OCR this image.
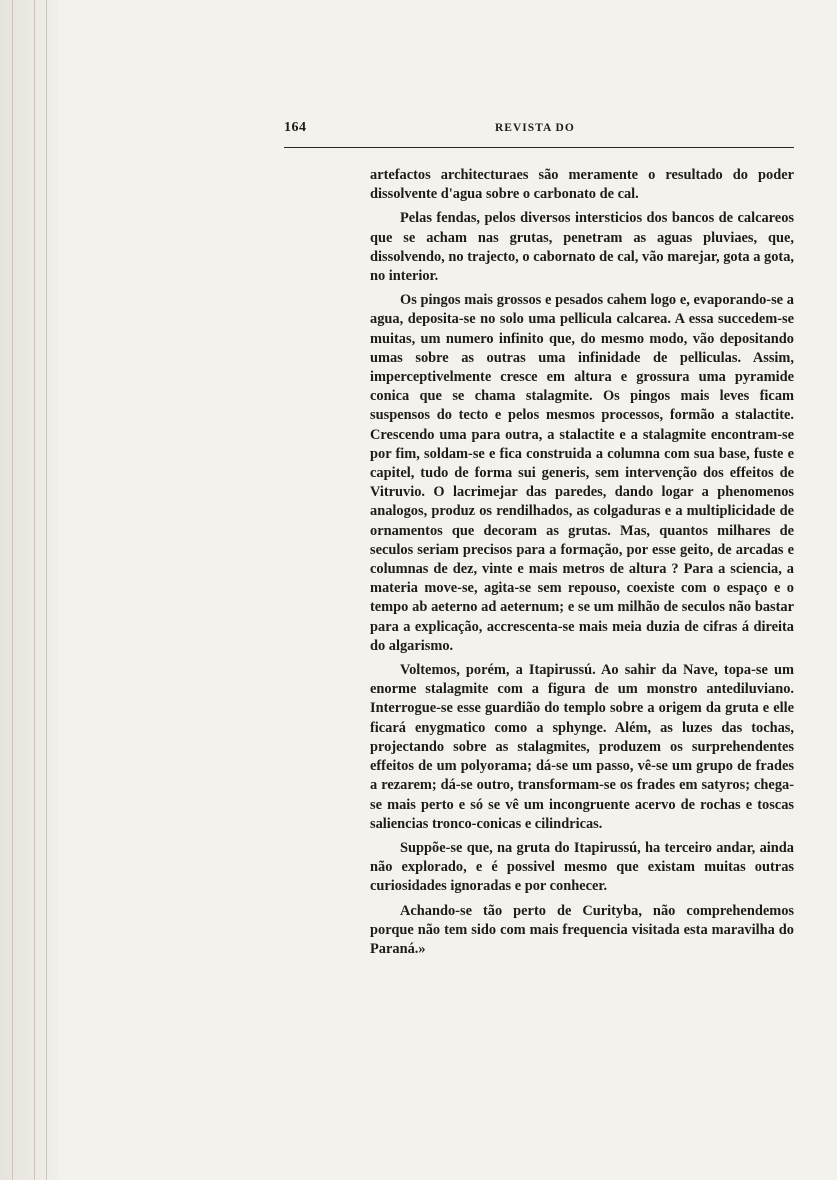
164	REVISTA DO

artefactos architecturaes são meramente o resultado do poder dissolvente d'agua sobre o carbonato de cal.

Pelas fendas, pelos diversos intersticios dos bancos de calcareos que se acham nas grutas, penetram as aguas pluviaes, que, dissolvendo, no trajecto, o cabornato de cal, vão marejar, gota a gota, no interior.

Os pingos mais grossos e pesados cahem logo e, evaporando-se a agua, deposita-se no solo uma pellicula calcarea. A essa succedem-se muitas, um numero infinito que, do mesmo modo, vão depositando umas sobre as outras uma infinidade de pelliculas. Assim, imperceptivelmente cresce em altura e grossura uma pyramide conica que se chama stalagmite. Os pingos mais leves ficam suspensos do tecto e pelos mesmos processos, formão a stalactite. Crescendo uma para outra, a stalactite e a stalagmite encontram-se por fim, soldam-se e fica construida a columna com sua base, fuste e capitel, tudo de forma sui generis, sem intervenção dos effeitos de Vitruvio. O lacrimejar das paredes, dando logar a phenomenos analogos, produz os rendilhados, as colgaduras e a multiplicidade de ornamentos que decoram as grutas. Mas, quantos milhares de seculos seriam precisos para a formação, por esse geito, de arcadas e columnas de dez, vinte e mais metros de altura ? Para a sciencia, a materia move-se, agita-se sem repouso, coexiste com o espaço e o tempo ab aeterno ad aeternum; e se um milhão de seculos não bastar para a explicação, accrescenta-se mais meia duzia de cifras á direita do algarismo.

Voltemos, porém, a Itapirussú. Ao sahir da Nave, topa-se um enorme stalagmite com a figura de um monstro antediluviano. Interrogue-se esse guardião do templo sobre a origem da gruta e elle ficará enygmatico como a sphynge. Além, as luzes das tochas, projectando sobre as stalagmites, produzem os surprehendentes effeitos de um polyorama; dá-se um passo, vê-se um grupo de frades a rezarem; dá-se outro, transformam-se os frades em satyros; chega-se mais perto e só se vê um incongruente acervo de rochas e toscas saliencias tronco-conicas e cilindricas.

Suppõe-se que, na gruta do Itapirussú, ha terceiro andar, ainda não explorado, e é possivel mesmo que existam muitas outras curiosidades ignoradas e por conhecer.

Achando-se tão perto de Curityba, não comprehendemos porque não tem sido com mais frequencia visitada esta maravilha do Paraná.»
